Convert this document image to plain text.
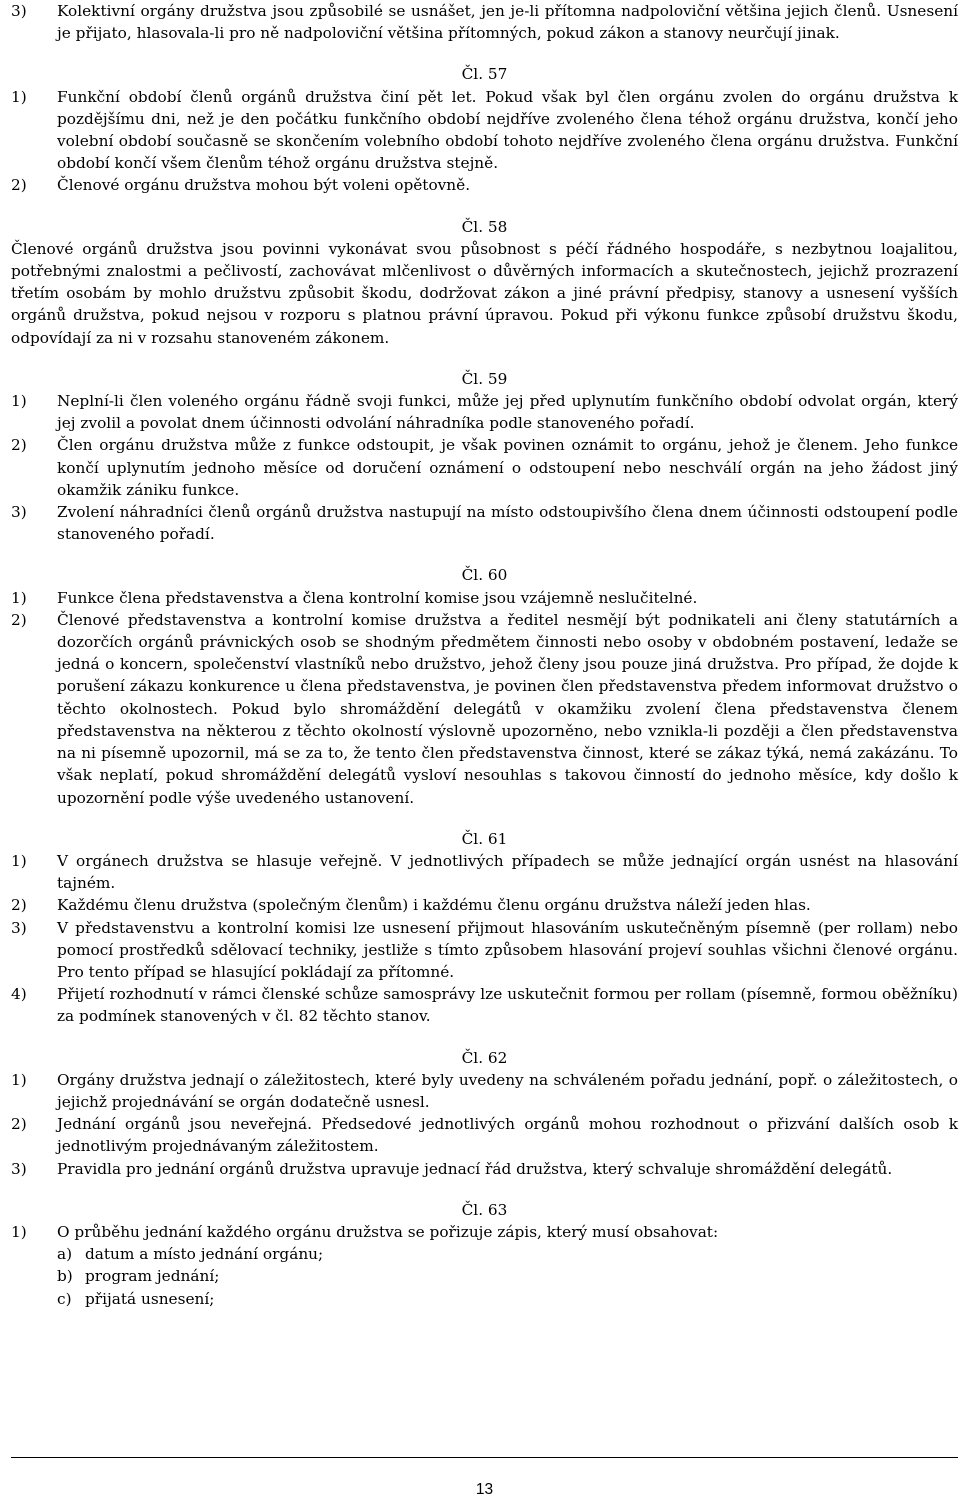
3) Kolektivní orgány družstva jsou způsobilé se usnášet, jen je-li přítomna nadpoloviční většina jejich členů. Usnesení je přijato, hlasovala-li pro ně nadpoloviční většina přítomných, pokud zákon a stanovy neurčují jinak.
Čl. 57
1) Funkční období členů orgánů družstva činí pět let. Pokud však byl člen orgánu zvolen do orgánu družstva k pozdějšímu dni, než je den počátku funkčního období nejdříve zvoleného člena téhož orgánu družstva, končí jeho volební období současně se skončením volebního období tohoto nejdříve zvoleného člena orgánu družstva. Funkční období končí všem členům téhož orgánu družstva stejně.
2) Členové orgánu družstva mohou být voleni opětovně.
Čl. 58
Členové orgánů družstva jsou povinni vykonávat svou působnost s péčí řádného hospodáře, s nezbytnou loajalitou, potřebnými znalostmi a pečlivostí, zachovávat mlčenlivost o důvěrných informacích a skutečnostech, jejichž prozrazení třetím osobám by mohlo družstvu způsobit škodu, dodržovat zákon a jiné právní předpisy, stanovy a usnesení vyšších orgánů družstva, pokud nejsou v rozporu s platnou právní úpravou. Pokud při výkonu funkce způsobí družstvu škodu, odpovídají za ni v rozsahu stanoveném zákonem.
Čl. 59
1) Neplní-li člen voleného orgánu řádně svoji funkci, může jej před uplynutím funkčního období odvolat orgán, který jej zvolil a povolat dnem účinnosti odvolání náhradníka podle stanoveného pořadí.
2) Člen orgánu družstva může z funkce odstoupit, je však povinen oznámit to orgánu, jehož je členem. Jeho funkce končí uplynutím jednoho měsíce od doručení oznámení o odstoupení nebo neschválí orgán na jeho žádost jiný okamžik zániku funkce.
3) Zvolení náhradníci členů orgánů družstva nastupují na místo odstoupivšího člena dnem účinnosti odstoupení podle stanoveného pořadí.
Čl. 60
1) Funkce člena představenstva a člena kontrolní komise jsou vzájemně neslučitelné.
2) Členové představenstva a kontrolní komise družstva a ředitel nesmějí být podnikateli ani členy statutárních a dozorčích orgánů právnických osob se shodným předmětem činnosti nebo osoby v obdobném postavení, ledaže se jedná o koncern, společenství vlastníků nebo družstvo, jehož členy jsou pouze jiná družstva. Pro případ, že dojde k porušení zákazu konkurence u člena představenstva, je povinen člen představenstva předem informovat družstvo o těchto okolnostech. Pokud bylo shromáždění delegátů v okamžiku zvolení člena představenstva členem představenstva na některou z těchto okolností výslovně upozorněno, nebo vznikla-li později a člen představenstva na ni písemně upozornil, má se za to, že tento člen představenstva činnost, které se zákaz týká, nemá zakázánu. To však neplatí, pokud shromáždění delegátů vysloví nesouhlas s takovou činností do jednoho měsíce, kdy došlo k upozornění podle výše uvedeného ustanovení.
Čl. 61
1) V orgánech družstva se hlasuje veřejně. V jednotlivých případech se může jednající orgán usnést na hlasování tajném.
2) Každému členu družstva (společným členům) i každému členu orgánu družstva náleží jeden hlas.
3) V představenstvu a kontrolní komisi lze usnesení přijmout hlasováním uskutečněným písemně (per rollam) nebo pomocí prostředků sdělovací techniky, jestliže s tímto způsobem hlasování projeví souhlas všichni členové orgánu. Pro tento případ se hlasující pokládají za přítomné.
4) Přijetí rozhodnutí v rámci členské schůze samosprávy lze uskutečnit formou per rollam (písemně, formou oběžníku) za podmínek stanovených v čl. 82 těchto stanov.
Čl. 62
1) Orgány družstva jednají o záležitostech, které byly uvedeny na schváleném pořadu jednání, popř. o záležitostech, o jejichž projednávání se orgán dodatečně usnesl.
2) Jednání orgánů jsou neveřejná. Předsedové jednotlivých orgánů mohou rozhodnout o přizvání dalších osob k jednotlivým projednávaným záležitostem.
3) Pravidla pro jednání orgánů družstva upravuje jednací řád družstva, který schvaluje shromáždění delegátů.
Čl. 63
1) O průběhu jednání každého orgánu družstva se pořizuje zápis, který musí obsahovat:
a) datum a místo jednání orgánu;
b) program jednání;
c) přijatá usnesení;
13
